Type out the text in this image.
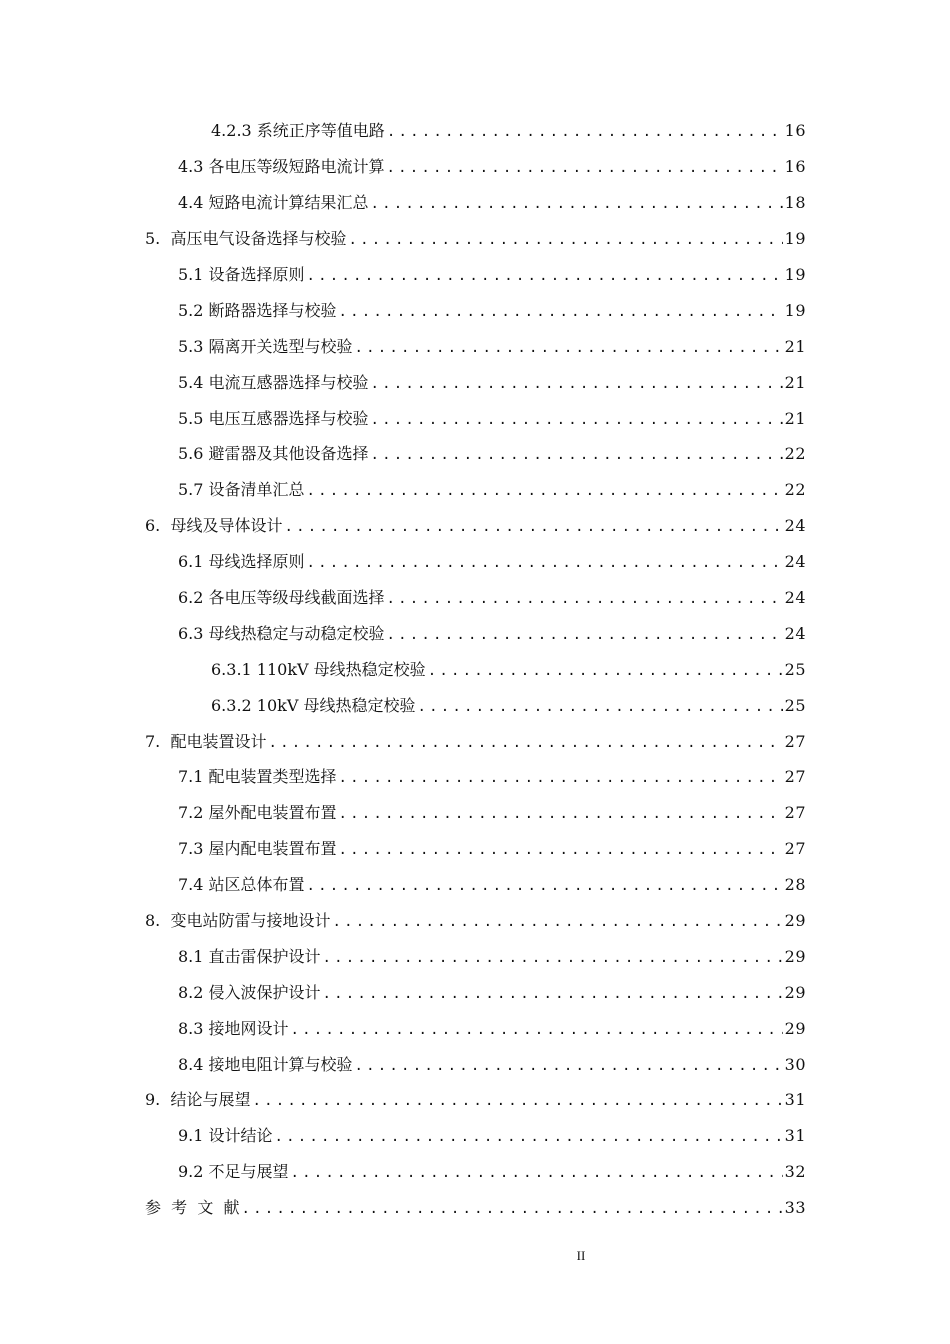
4.2.3 系统正序等值电路 .....	16
4.3 各电压等级短路电流计算 .....	16
4.4 短路电流计算结果汇总 .....	18
5.  高压电气设备选择与校验 .....	19
5.1 设备选择原则 .....	19
5.2 断路器选择与校验 .....	19
5.3 隔离开关选型与校验 .....	21
5.4 电流互感器选择与校验 .....	21
5.5 电压互感器选择与校验 .....	21
5.6 避雷器及其他设备选择 .....	22
5.7 设备清单汇总 .....	22
6.  母线及导体设计 .....	24
6.1 母线选择原则 .....	24
6.2 各电压等级母线截面选择 .....	24
6.3 母线热稳定与动稳定校验 .....	24
6.3.1 110kV 母线热稳定校验 .....	25
6.3.2 10kV 母线热稳定校验 .....	25
7.  配电装置设计 .....	27
7.1 配电装置类型选择 .....	27
7.2 屋外配电装置布置 .....	27
7.3 屋内配电装置布置 .....	27
7.4 站区总体布置 .....	28
8.  变电站防雷与接地设计 .....	29
8.1 直击雷保护设计 .....	29
8.2 侵入波保护设计 .....	29
8.3 接地网设计 .....	29
8.4 接地电阻计算与校验 .....	30
9.  结论与展望 .....	31
9.1 设计结论 .....	31
9.2 不足与展望 .....	32
参  考  文  献 .....	33
II
